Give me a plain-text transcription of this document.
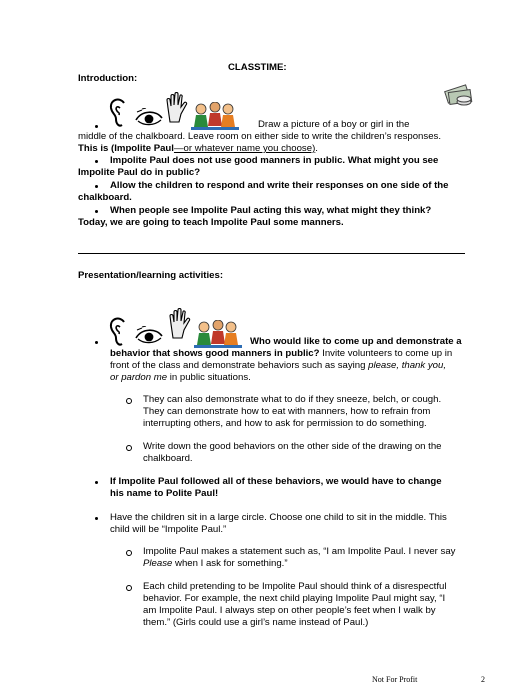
CLASSTIME:
Introduction:
Draw a picture of a boy or girl in the
middle of the chalkboard. Leave room on either side to write the children’s responses.
This is (Impolite Paul—or whatever name you choose).
Impolite Paul does not use good manners in public. What might you see
Impolite Paul do in public?
Allow the children to respond and write their responses on one side of the
chalkboard.
When people see Impolite Paul acting this way, what might they think?
Today, we are going to teach Impolite Paul some manners.
Presentation/learning activities:
Who would like to come up and demonstrate a
behavior that shows good manners in public? Invite volunteers to come up in
front of the class and demonstrate behaviors such as saying please, thank you,
or pardon me in public situations.
They can also demonstrate what to do if they sneeze, belch, or cough.
They can demonstrate how to eat with manners, how to refrain from
interrupting others, and how to ask for permission to do something.
Write down the good behaviors on the other side of the drawing on the
chalkboard.
If Impolite Paul followed all of these behaviors, we would have to change
his name to Polite Paul!
Have the children sit in a large circle. Choose one child to sit in the middle. This
child will be “Impolite Paul.”
Impolite Paul makes a statement such as, “I am Impolite Paul. I never say
Please when I ask for something.”
Each child pretending to be Impolite Paul should think of a disrespectful
behavior. For example, the next child playing Impolite Paul might say, “I
am Impolite Paul. I always step on other people’s feet when I walk by
them.” (Girls could use a girl’s name instead of Paul.)
Not For Profit	2
